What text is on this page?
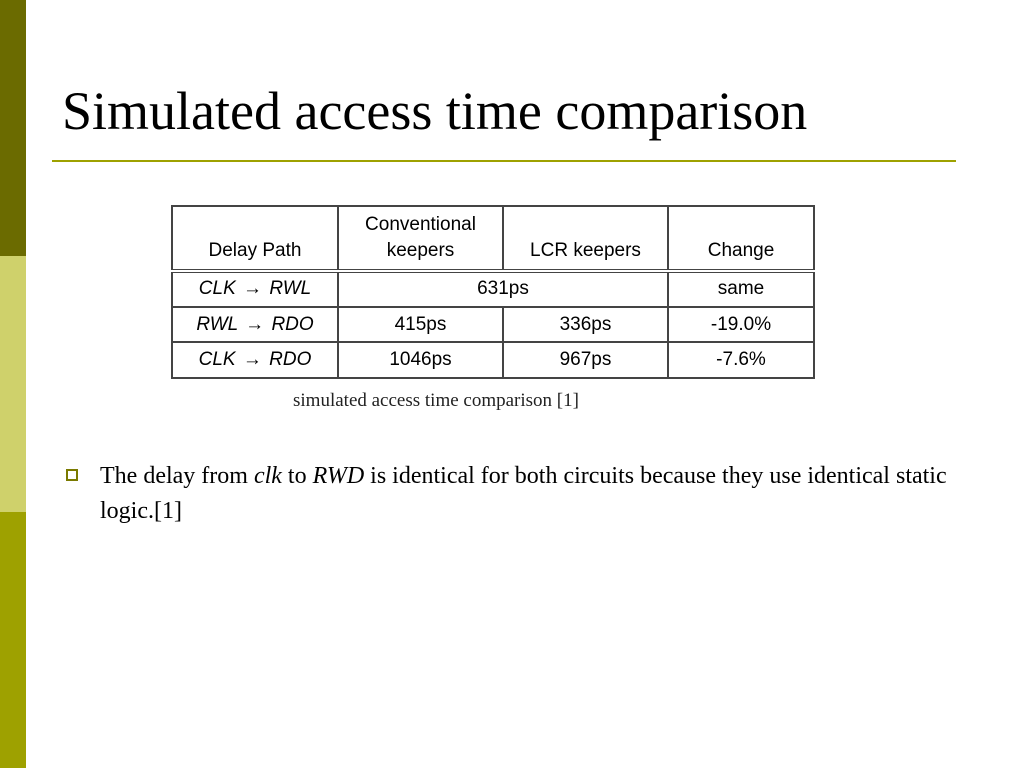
Simulated access time comparison
Delay Path	Conventional keepers	LCR keepers	Change
CLK → RWL	631ps		same
RWL → RDO	415ps	336ps	-19.0%
CLK → RDO	1046ps	967ps	-7.6%
simulated access time comparison [1]
The delay from clk to RWD is identical for both circuits because they use identical static logic.[1]
